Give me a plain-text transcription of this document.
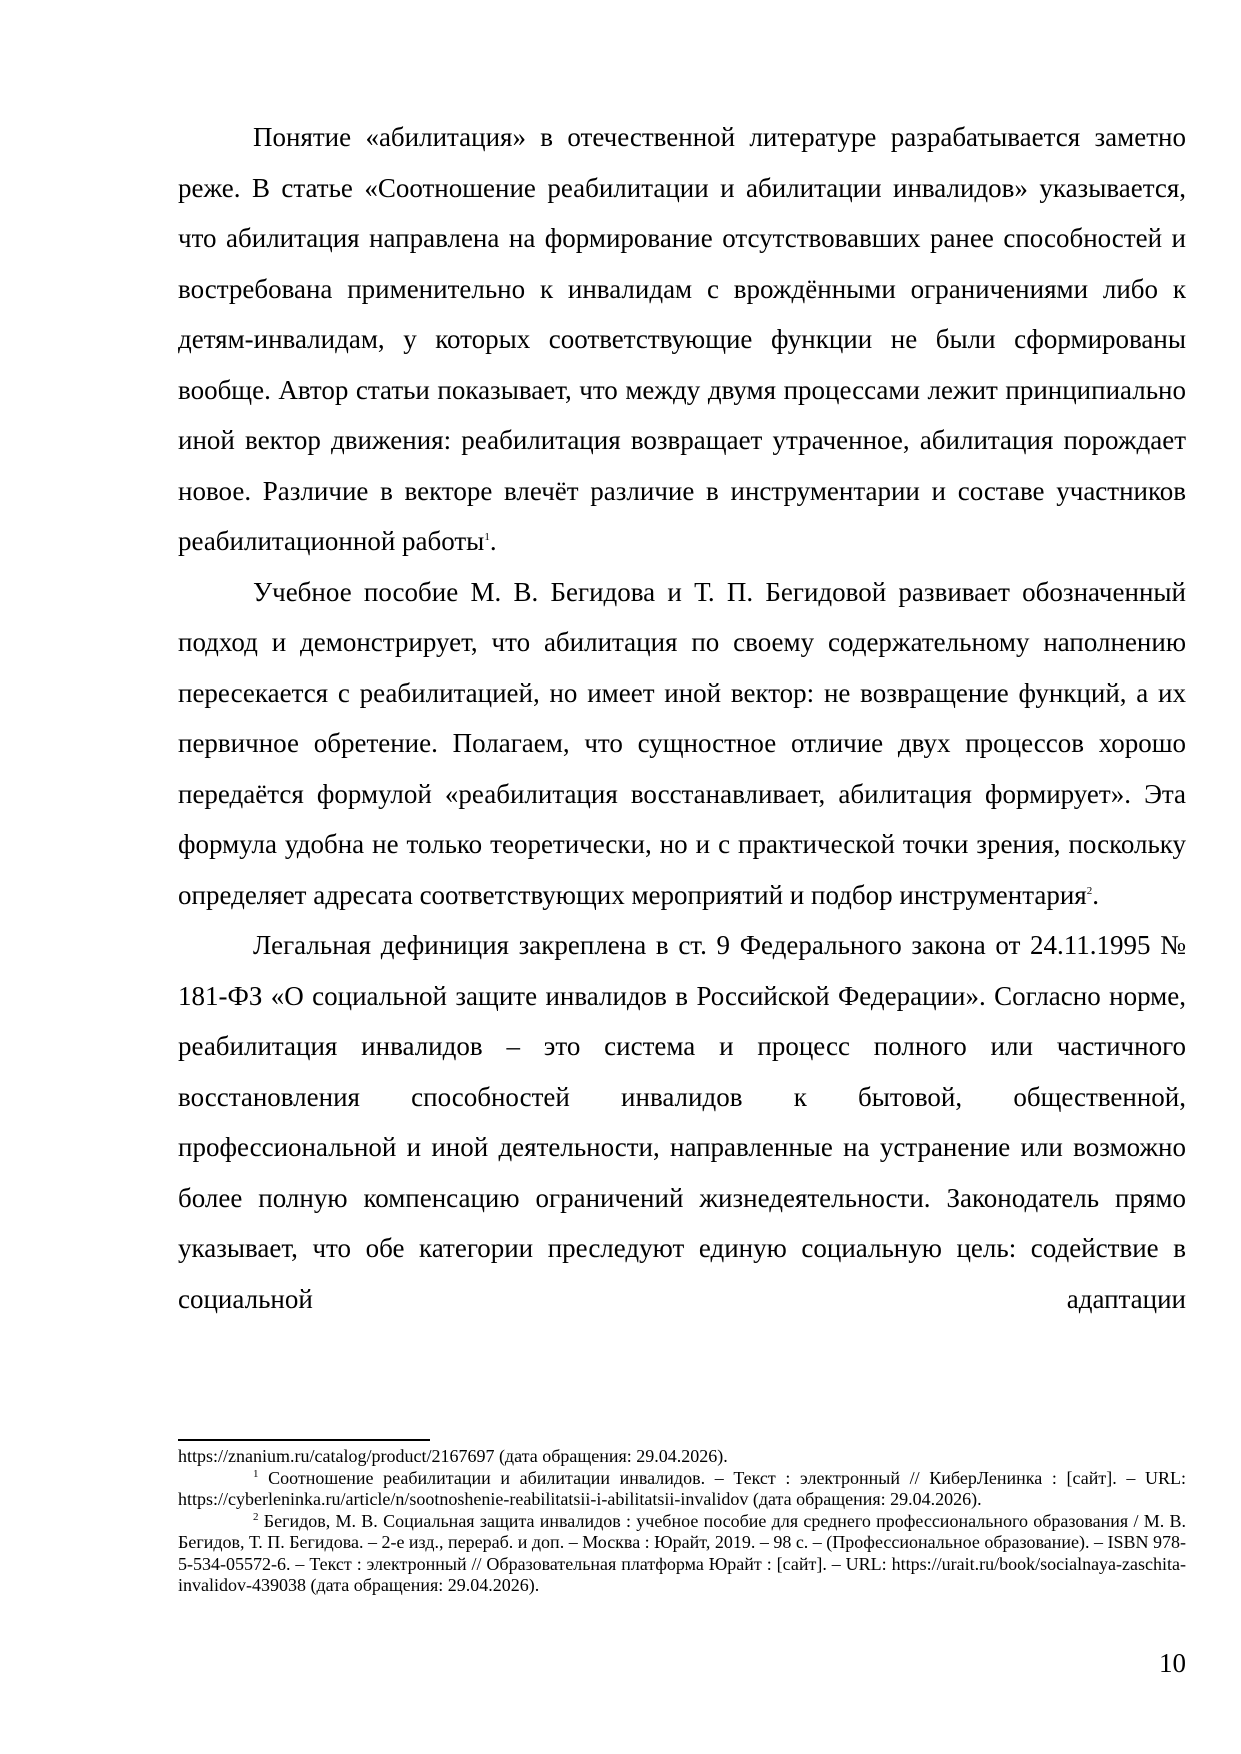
Понятие «абилитация» в отечественной литературе разрабатывается заметно реже. В статье «Соотношение реабилитации и абилитации инвалидов» указывается, что абилитация направлена на формирование отсутствовавших ранее способностей и востребована применительно к инвалидам с врождёнными ограничениями либо к детям-инвалидам, у которых соответствующие функции не были сформированы вообще. Автор статьи показывает, что между двумя процессами лежит принципиально иной вектор движения: реабилитация возвращает утраченное, абилитация порождает новое. Различие в векторе влечёт различие в инструментарии и составе участников реабилитационной работы$^1$.

Учебное пособие М. В. Бегидова и Т. П. Бегидовой развивает обозначенный подход и демонстрирует, что абилитация по своему содержательному наполнению пересекается с реабилитацией, но имеет иной вектор: не возвращение функций, а их первичное обретение. Полагаем, что сущностное отличие двух процессов хорошо передаётся формулой «реабилитация восстанавливает, абилитация формирует». Эта формула удобна не только теоретически, но и с практической точки зрения, поскольку определяет адресата соответствующих мероприятий и подбор инструментария$^2$.

Легальная дефиниция закреплена в ст. 9 Федерального закона от 24.11.1995 № 181-ФЗ «О социальной защите инвалидов в Российской Федерации». Согласно норме, реабилитация инвалидов – это система и процесс полного или частичного восстановления способностей инвалидов к бытовой, общественной, профессиональной и иной деятельности, направленные на устранение или возможно более полную компенсацию ограничений жизнедеятельности. Законодатель прямо указывает, что обе категории преследуют единую социальную цель: содействие в социальной адаптации

https://znanium.ru/catalog/product/2167697 (дата обращения: 29.04.2026).

$^1$ Соотношение реабилитации и абилитации инвалидов. – Текст : электронный // КиберЛенинка : [сайт]. – URL: https://cyberleninka.ru/article/n/sootnoshenie-reabilitatsii-i-abilitatsii-invalidov (дата обращения: 29.04.2026).

$^2$ Бегидов, М. В. Социальная защита инвалидов : учебное пособие для среднего профессионального образования / М. В. Бегидов, Т. П. Бегидова. – 2-е изд., перераб. и доп. – Москва : Юрайт, 2019. – 98 с. – (Профессиональное образование). – ISBN 978-5-534-05572-6. – Текст : электронный // Образовательная платформа Юрайт : [сайт]. – URL: https://urait.ru/book/socialnaya-zaschita-invalidov-439038 (дата обращения: 29.04.2026).

10
